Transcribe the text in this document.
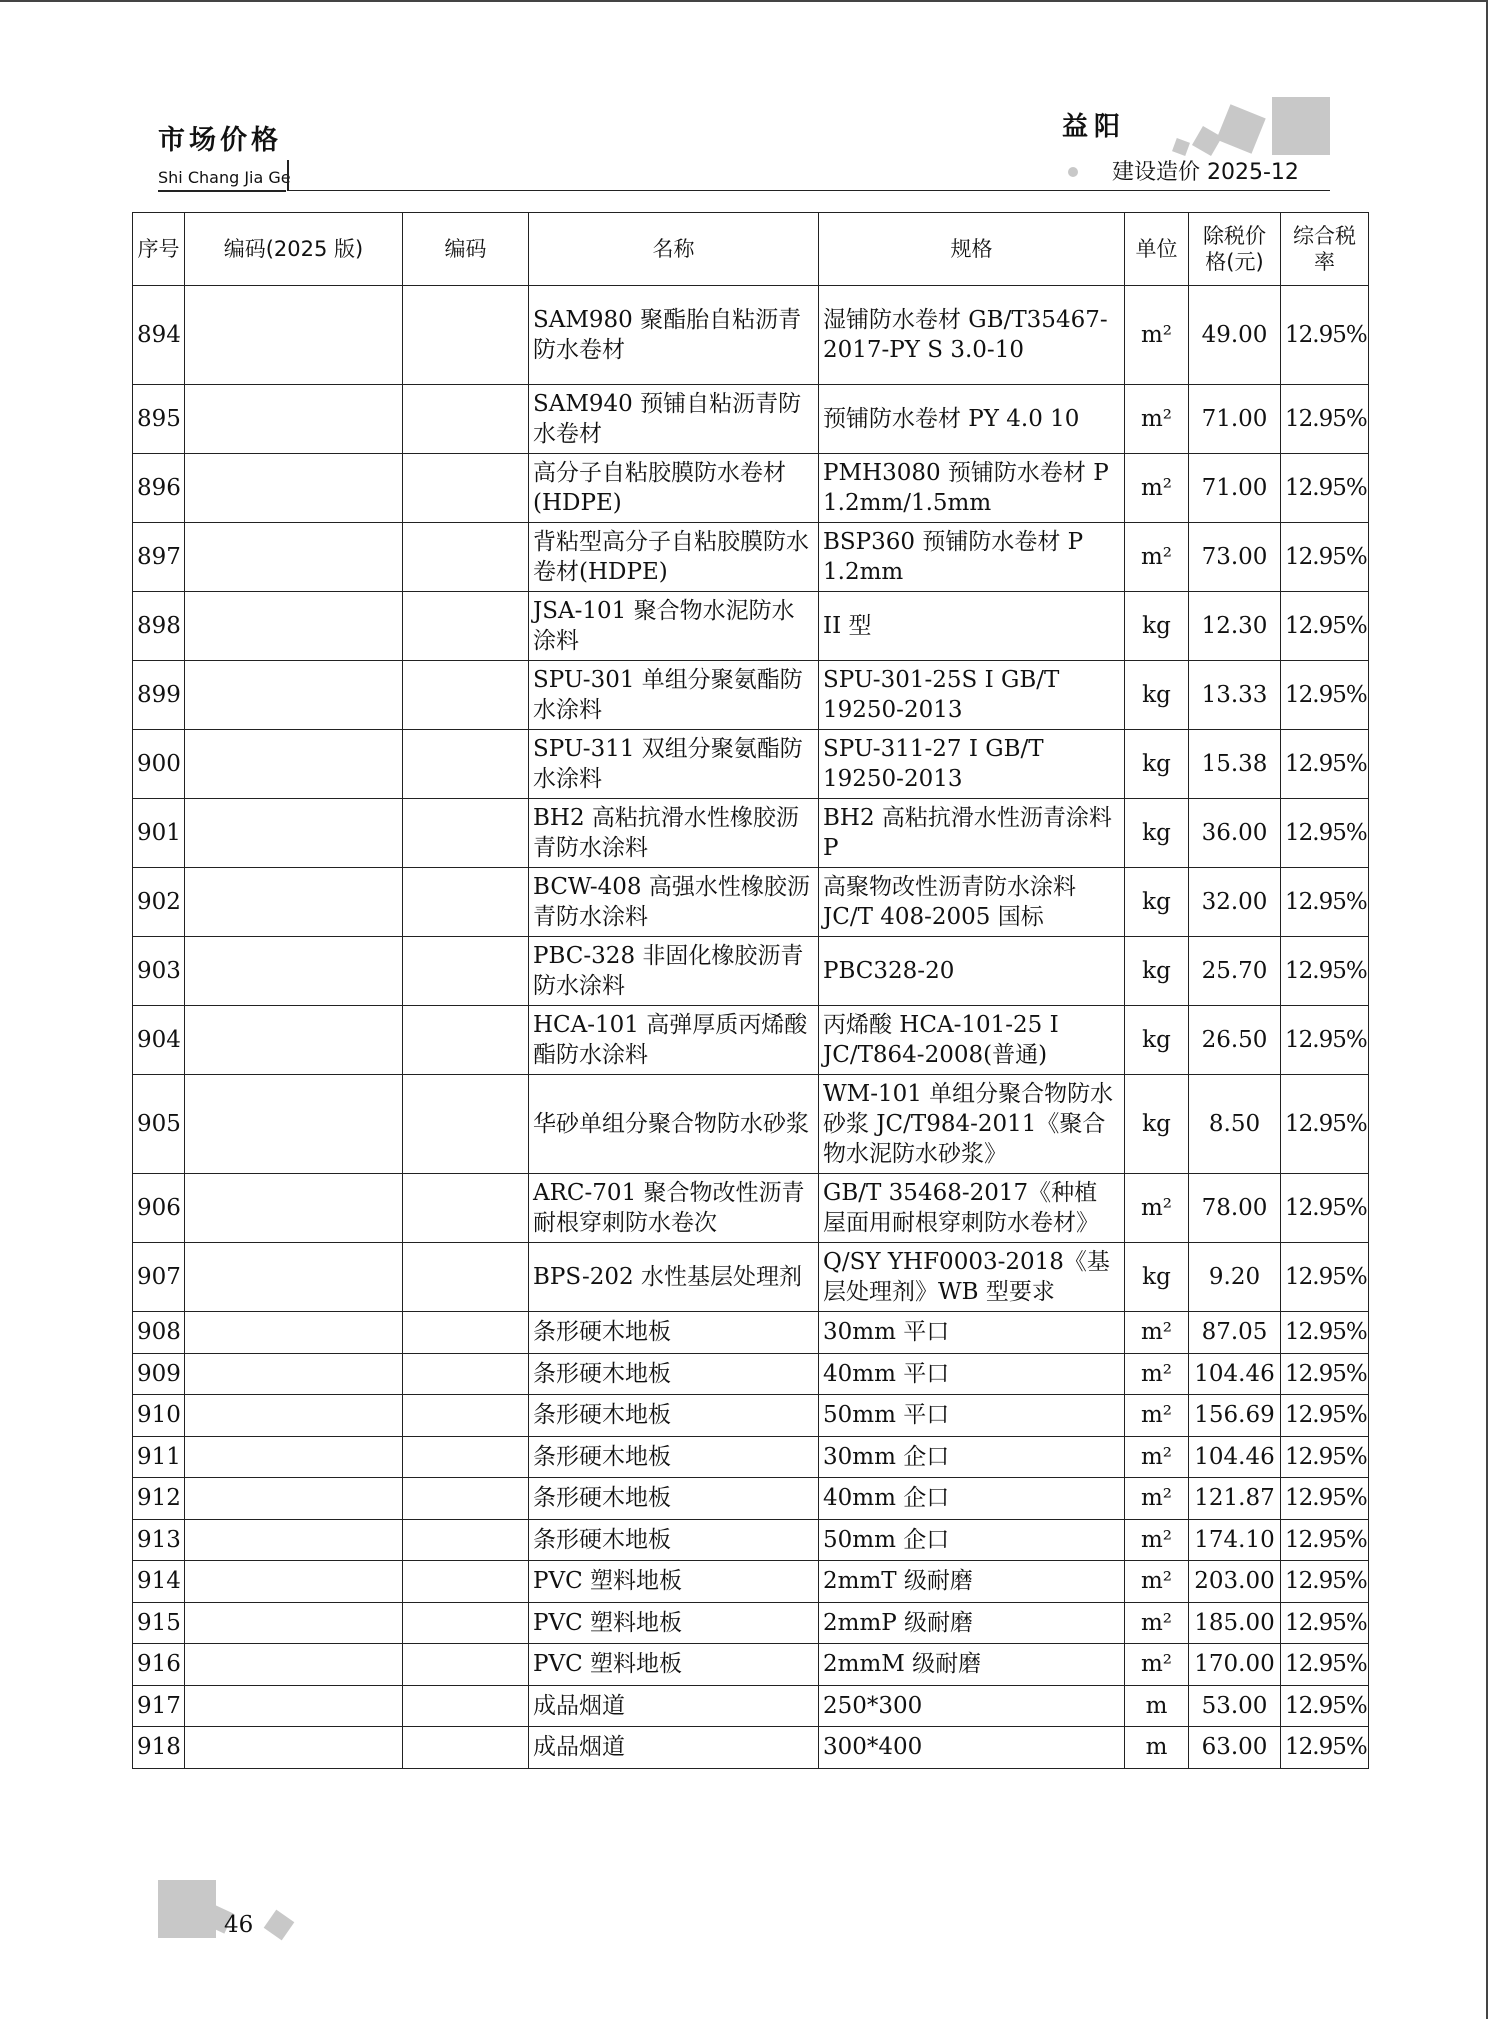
市场价格
Shi Chang Jia Ge
益阳
建设造价 2025-12
序号	编码(2025 版)	编码	名称	规格	单位	除税价格(元)	综合税率
894			SAM980 聚酯胎自粘沥青防水卷材	湿铺防水卷材 GB/T35467-2017-PY S 3.0-10	m²	49.00	12.95%
895			SAM940 预铺自粘沥青防水卷材	预铺防水卷材 PY 4.0 10	m²	71.00	12.95%
896			高分子自粘胶膜防水卷材(HDPE)	PMH3080 预铺防水卷材 P 1.2mm/1.5mm	m²	71.00	12.95%
897			背粘型高分子自粘胶膜防水卷材(HDPE)	BSP360 预铺防水卷材 P 1.2mm	m²	73.00	12.95%
898			JSA-101 聚合物水泥防水涂料	II 型	kg	12.30	12.95%
899			SPU-301 单组分聚氨酯防水涂料	SPU-301-25S Ⅰ GB/T 19250-2013	kg	13.33	12.95%
900			SPU-311 双组分聚氨酯防水涂料	SPU-311-27 Ⅰ GB/T 19250-2013	kg	15.38	12.95%
901			BH2 高粘抗滑水性橡胶沥青防水涂料	BH2 高粘抗滑水性沥青涂料 P	kg	36.00	12.95%
902			BCW-408 高强水性橡胶沥青防水涂料	高聚物改性沥青防水涂料 JC/T 408-2005 国标	kg	32.00	12.95%
903			PBC-328 非固化橡胶沥青防水涂料	PBC328-20	kg	25.70	12.95%
904			HCA-101 高弹厚质丙烯酸酯防水涂料	丙烯酸 HCA-101-25 I JC/T864-2008(普通)	kg	26.50	12.95%
905			华砂单组分聚合物防水砂浆	WM-101 单组分聚合物防水砂浆 JC/T984-2011《聚合物水泥防水砂浆》	kg	8.50	12.95%
906			ARC-701 聚合物改性沥青耐根穿刺防水卷次	GB/T 35468-2017《种植屋面用耐根穿刺防水卷材》	m²	78.00	12.95%
907			BPS-202 水性基层处理剂	Q/SY YHF0003-2018《基层处理剂》WB 型要求	kg	9.20	12.95%
908			条形硬木地板	30mm 平口	m²	87.05	12.95%
909			条形硬木地板	40mm 平口	m²	104.46	12.95%
910			条形硬木地板	50mm 平口	m²	156.69	12.95%
911			条形硬木地板	30mm 企口	m²	104.46	12.95%
912			条形硬木地板	40mm 企口	m²	121.87	12.95%
913			条形硬木地板	50mm 企口	m²	174.10	12.95%
914			PVC 塑料地板	2mmT 级耐磨	m²	203.00	12.95%
915			PVC 塑料地板	2mmP 级耐磨	m²	185.00	12.95%
916			PVC 塑料地板	2mmM 级耐磨	m²	170.00	12.95%
917			成品烟道	250*300	m	53.00	12.95%
918			成品烟道	300*400	m	63.00	12.95%
46
